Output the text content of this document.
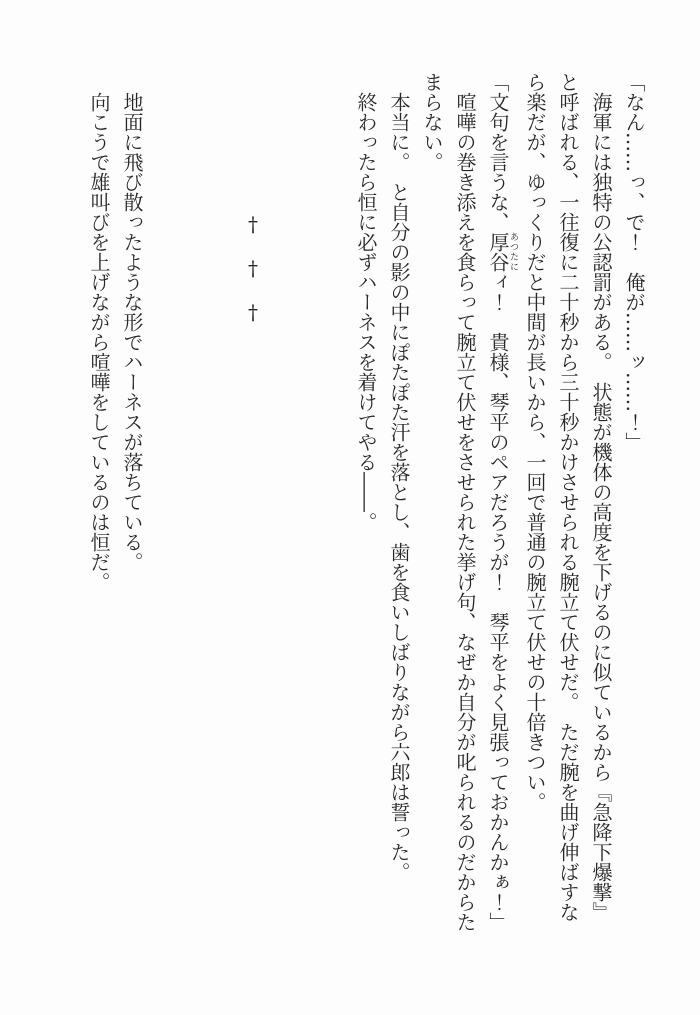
「なん……っ、で！　俺が……ッ……！」

海軍には独特の公認罰がある。　状態が機体の高度を下げるのに似ているから『急降下爆撃』と呼ばれる、一往復に二十秒から三十秒かけさせられる腕立て伏せだ。　ただ腕を曲げ伸ばすなら楽だが、ゆっくりだと中間が長いから、一回で普通の腕立て伏せの十倍きつい。

「文句を言うな、厚谷あつたにィ！　貴様、琴平のペアだろうが！　琴平をよく見張っておかんかぁ！」

喧嘩の巻き添えを食らって腕立て伏せをさせられた挙げ句、なぜか自分が叱られるのだからたまらない。

本当に。　と自分の影の中にぽたぽた汗を落とし、歯を食いしばりながら六郎は誓った。

終わったら恒に必ずハーネスを着けてやる――。

†　†　†

地面に飛び散ったような形でハーネスが落ちている。

向こうで雄叫びを上げながら喧嘩をしているのは恒だ。
